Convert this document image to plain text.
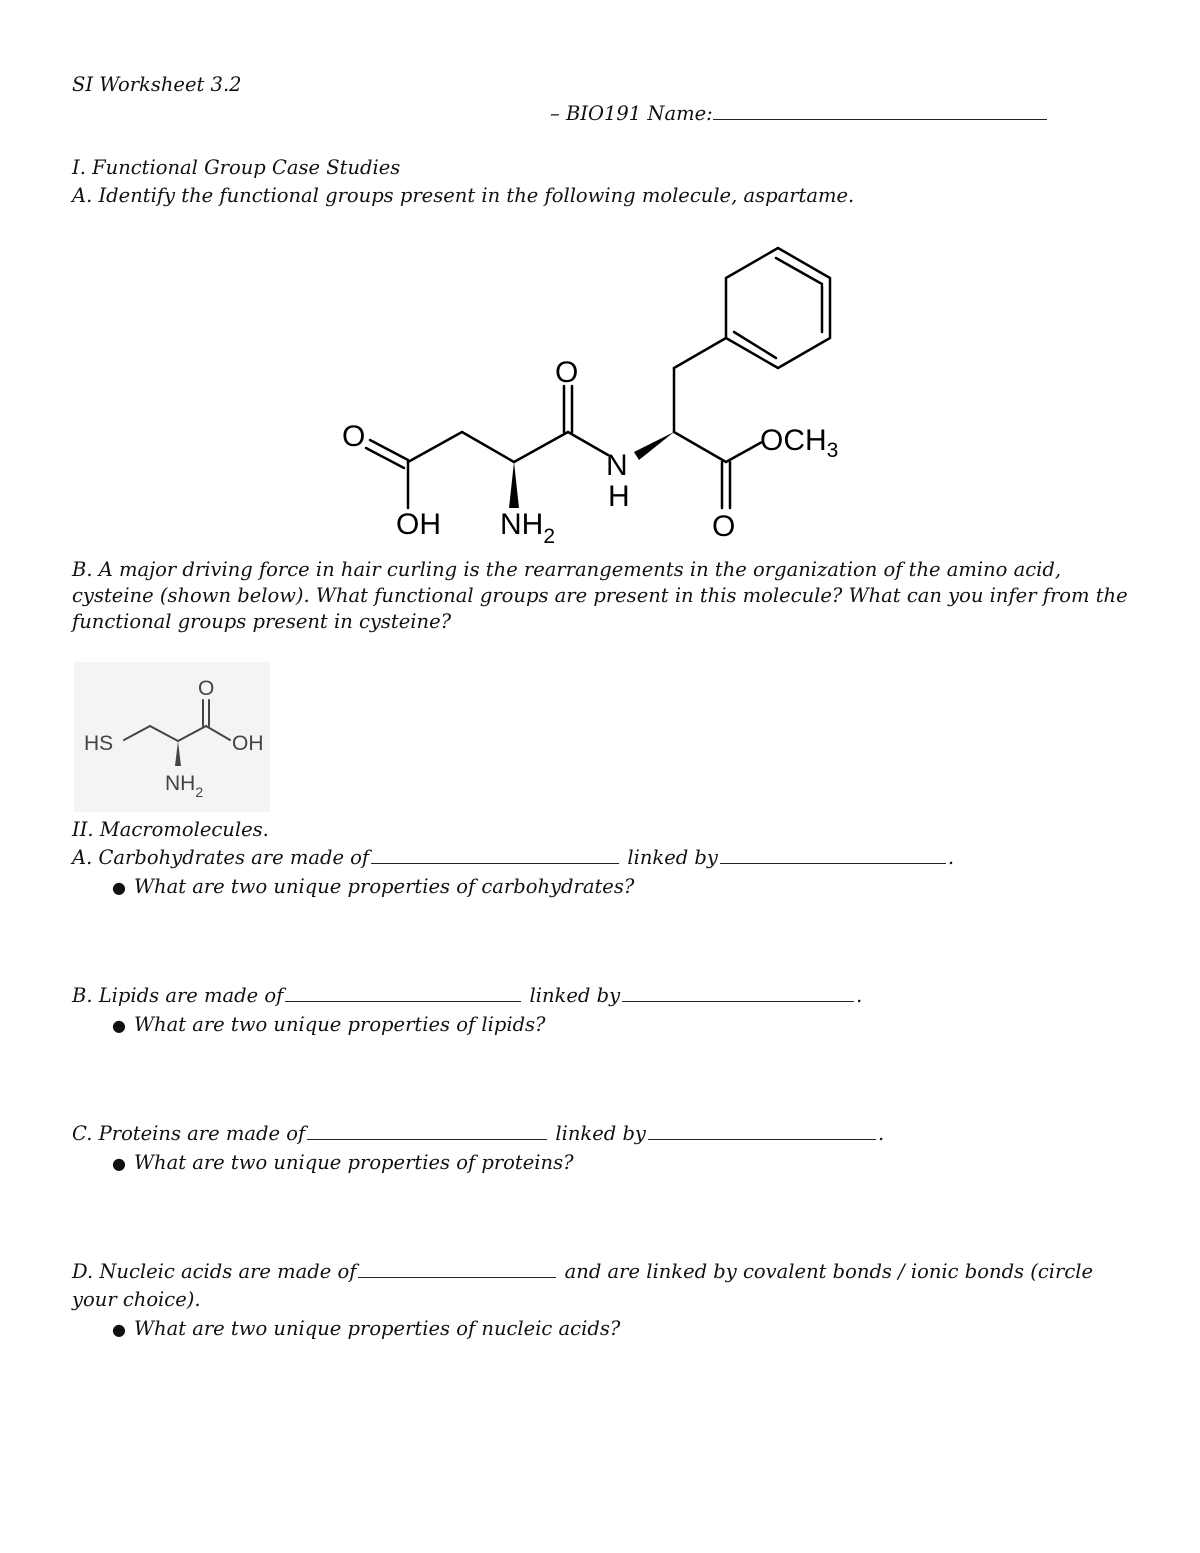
SI Worksheet 3.2
– BIO191 Name:
I. Functional Group Case Studies
A. Identify the functional groups present in the following molecule, aspartame.
O
OH $NH_2$
O
N
H
$OCH_3$
O
B. A major driving force in hair curling is the rearrangements in the organization of the amino acid,
cysteine (shown below). What functional groups are present in this molecule? What can you infer from the
functional groups present in cysteine?
HS
O
OH
$NH_2$
II. Macromolecules.
A. Carbohydrates are made of	linked by	.
● What are two unique properties of carbohydrates?
B. Lipids are made of	linked by	.
● What are two unique properties of lipids?
C. Proteins are made of	linked by	.
● What are two unique properties of proteins?
D. Nucleic acids are made of	and are linked by covalent bonds / ionic bonds (circle
your choice).
● What are two unique properties of nucleic acids?
